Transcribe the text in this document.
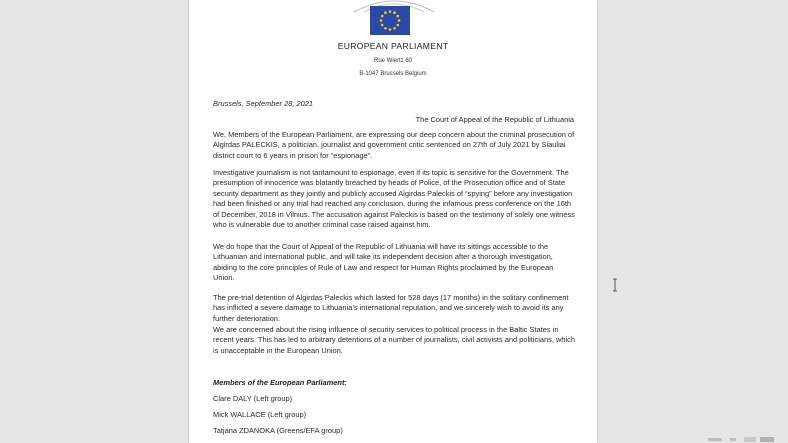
EUROPEAN PARLIAMENT
Rue Wiertz 60
B-1047 Brussels Belgium
Brussels, September 28, 2021
The Court of Appeal of the Republic of Lithuania
We, Members of the European Parliament, are expressing our deep concern about the criminal prosecution of Algirdas PALECKIS, a politician, journalist and government critic sentenced on 27th of July 2021 by Siauliai district court to 6 years in prison for “espionage”.
Investigative journalism is not tantamount to espionage, even if its topic is sensitive for the Government. The presumption of innocence was blatantly breached by heads of Police, of the Prosecution office and of State security department as they jointly and publicly accused Algirdas Paleckis of “spying” before any investigation had been finished or any trial had reached any conclusion, during the infamous press conference on the 16th of December, 2018 in Vilnius. The accusation against Paleckis is based on the testimony of solely one witness who is vulnerable due to another criminal case raised against him.
We do hope that the Court of Appeal of the Republic of Lithuania will have its sittings accessible to the Lithuanian and international public, and will take its independent decision after a thorough investigation, abiding to the core principles of Rule of Law and respect for Human Rights proclaimed by the European Union.
The pre-trial detention of Algirdas Paleckis which lasted for 528 days (17 months) in the solitary confinement has inflicted a severe damage to Lithuania’s international reputation, and we sincerely wish to avoid its any further deterioration.
We are concerned about the rising influence of security services to political process in the Baltic States in recent years. This has led to arbitrary detentions of a number of journalists, civil activists and politicians, which is unacceptable in the European Union.
Members of the European Parliament:
Clare DALY (Left group)
Mick WALLACE (Left group)
Tatjana ZDANOKA (Greens/EFA group)
